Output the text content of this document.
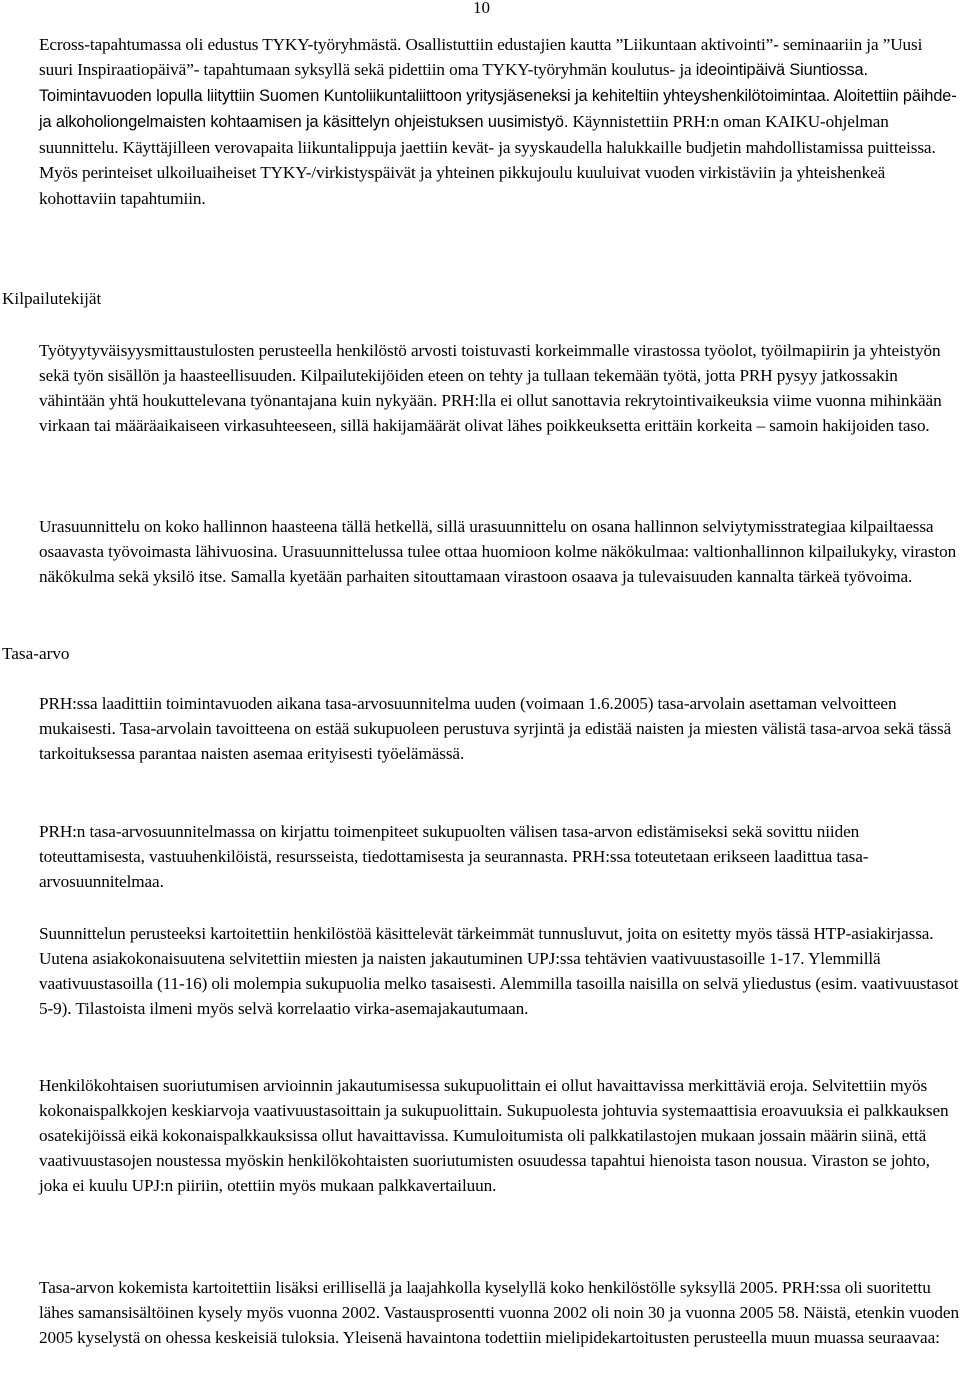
10
Ecross-tapahtumassa oli edustus TYKY-työryhmästä. Osallistuttiin edustajien kautta ”Liikuntaan aktivointi”- seminaariin ja ”Uusi suuri Inspiraatiopäivä”- tapahtumaan syksyllä sekä pidettiin oma TYKY-työryhmän koulutus- ja ideointipäivä Siuntiossa. Toimintavuoden lopulla liityttiin Suomen Kuntoliikuntaliittoon yritysjäseneksi ja kehiteltiin yhteyshenkilötoimintaa. Aloitettiin päihde- ja alkoholiongelmaisten kohtaamisen ja käsittelyn ohjeistuksen uusimistyö. Käynnistettiin PRH:n oman KAIKU-ohjelman suunnittelu. Käyttäjilleen verovapaita liikuntalippuja jaettiin kevät- ja syyskaudella halukkaille budjetin mahdollistamissa puitteissa. Myös perinteiset ulkoiluaiheiset TYKY-/virkistyspäivät ja yhteinen pikkujoulu kuuluivat vuoden virkistäviin ja yhteishenkeä kohottaviin tapahtumiin.
Kilpailutekijät
Työtyytyväisyysmittaustulosten perusteella henkilöstö arvosti toistuvasti korkeimmalle virastossa työolot, työilmapiirin ja yhteistyön sekä työn sisällön ja haasteellisuuden. Kilpailutekijöiden eteen on tehty ja tullaan tekemään työtä, jotta PRH pysyy jatkossakin vähintään yhtä houkuttelevana työnantajana kuin nykyään. PRH:lla ei ollut sanottavia rekrytointivaikeuksia viime vuonna mihinkään virkaan tai määräaikaiseen virkasuhteeseen, sillä hakijamäärät olivat lähes poikkeuksetta erittäin korkeita – samoin hakijoiden taso.
Urasuunnittelu on koko hallinnon haasteena tällä hetkellä, sillä urasuunnittelu on osana hallinnon selviytymisstrategiaa kilpailtaessa osaavasta työvoimasta lähivuosina. Urasuunnittelussa tulee ottaa huomioon kolme näkökulmaa: valtionhallinnon kilpailukyky, viraston näkökulma sekä yksilö itse. Samalla kyetään parhaiten sitouttamaan virastoon osaava ja tulevaisuuden kannalta tärkeä työvoima.
Tasa-arvo
PRH:ssa laadittiin toimintavuoden aikana tasa-arvosuunnitelma uuden (voimaan 1.6.2005) tasa-arvolain asettaman velvoitteen mukaisesti. Tasa-arvolain tavoitteena on estää sukupuoleen perustuva syrjintä ja edistää naisten ja miesten välistä tasa-arvoa sekä tässä tarkoituksessa parantaa naisten asemaa erityisesti työelämässä.
PRH:n tasa-arvosuunnitelmassa on kirjattu toimenpiteet sukupuolten välisen tasa-arvon edistämiseksi sekä sovittu niiden toteuttamisesta, vastuuhenkilöistä, resursseista, tiedottamisesta ja seurannasta. PRH:ssa toteutetaan erikseen laadittua tasa-arvosuunnitelmaa.
Suunnittelun perusteeksi kartoitettiin henkilöstöä käsittelevät tärkeimmät tunnusluvut, joita on esitetty myös tässä HTP-asiakirjassa. Uutena asiakokonaisuutena selvitettiin miesten ja naisten jakautuminen UPJ:ssa tehtävien vaativuustasoille 1-17. Ylemmillä vaativuustasoilla (11-16) oli molempia sukupuolia melko tasaisesti. Alemmilla tasoilla naisilla on selvä yliedustus (esim. vaativuustasot 5-9). Tilastoista ilmeni myös selvä korrelaatio virka-asemajakautumaan.
Henkilökohtaisen suoriutumisen arvioinnin jakautumisessa sukupuolittain ei ollut havaittavissa merkittäviä eroja. Selvitettiin myös kokonaispalkkojen keskiarvoja vaativuustasoittain ja sukupuolittain. Sukupuolesta johtuvia systemaattisia eroavuuksia ei palkkauksen osatekijöissä eikä kokonaispalkkauksissa ollut havaittavissa. Kumuloitumista oli palkkatilastojen mukaan jossain määrin siinä, että vaativuustasojen noustessa myöskin henkilökohtaisten suoriutumisten osuudessa tapahtui hienoista tason nousua. Viraston se johto, joka ei kuulu UPJ:n piiriin, otettiin myös mukaan palkkavertailuun.
Tasa-arvon kokemista kartoitettiin lisäksi erillisellä ja laajahkolla kyselyllä koko henkilöstölle syksyllä 2005. PRH:ssa oli suoritettu lähes samansisältöinen kysely myös vuonna 2002. Vastausprosentti vuonna 2002 oli noin 30 ja vuonna 2005 58. Näistä, etenkin vuoden 2005 kyselystä on ohessa keskeisiä tuloksia. Yleisenä havaintona todettiin mielipidekartoitusten perusteella muun muassa seuraavaa:
